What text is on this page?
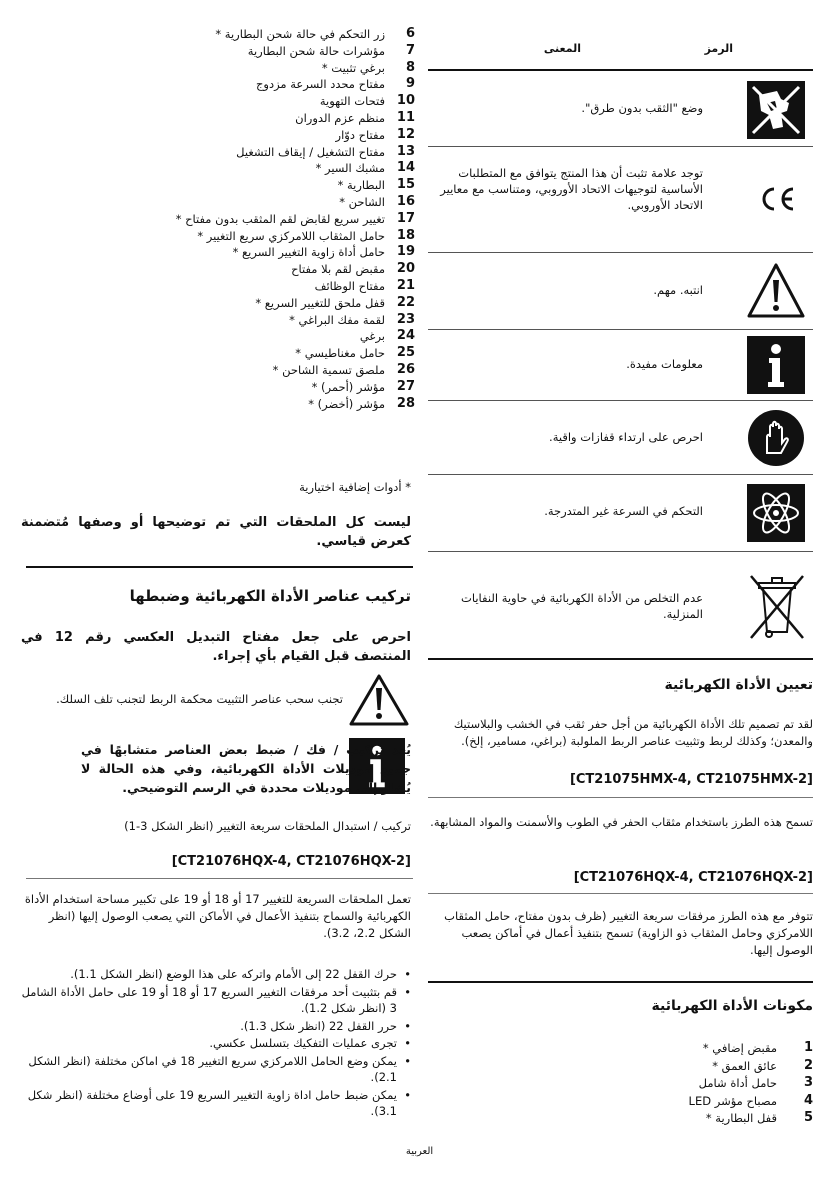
الرمز
المعنى
وضع "الثقب بدون طرق".
توجد علامة تثبت أن هذا المنتج يتوافق مع المتطلبات الأساسية لتوجيهات الاتحاد الأوروبي، ومتناسب مع معايير الاتحاد الأوروبي.
انتبه. مهم.
معلومات مفيدة.
احرص على ارتداء قفازات واقية.
التحكم في السرعة غير المتدرجة.
عدم التخلص من الأداة الكهربائية في حاوية النفايات المنزلية.
تعيين الأداة الكهربائية
لقد تم تصميم تلك الأداة الكهربائية من أجل حفر ثقب في الخشب والبلاستيك والمعدن؛ وكذلك لربط وتثبيت عناصر الربط الملولبة (براغي، مسامير، إلخ).
[CT21075HMX-4, CT21075HMX-2]
تسمح هذه الطرز باستخدام مثقاب الحفر في الطوب والأسمنت والمواد المشابهة.
[CT21076HQX-4, CT21076HQX-2]
تتوفر مع هذه الطرز مرفقات سريعة التغيير (ظرف بدون مفتاح، حامل المثقاب اللامركزي وحامل المثقاب ذو الزاوية) تسمح بتنفيذ أعمال في أماكن يصعب الوصول إليها.
مكونات الأداة الكهربائية
1
مقبض إضافي *
2
عائق العمق *
3
حامل أداة شامل
4
مصباح مؤشر LED
5
قفل البطارية *
6
زر التحكم في حالة شحن البطارية *
7
مؤشرات حالة شحن البطارية
8
برغي تثبيت *
9
مفتاح محدد السرعة مزدوج
10
فتحات التهوية
11
منظم عزم الدوران
12
مفتاح دوّار
13
مفتاح التشغيل / إيقاف التشغيل
14
مشبك السير *
15
البطارية *
16
الشاحن *
17
تغيير سريع لقابض لقم المثقب بدون مفتاح *
18
حامل المثقاب اللامركزي سريع التغيير *
19
حامل أداة زاوية التغيير السريع *
20
مقبض لقم بلا مفتاح
21
مفتاح الوظائف
22
قفل ملحق للتغيير السريع *
23
لقمة مفك البراغي *
24
برغي
25
حامل مغناطيسي *
26
ملصق تسمية الشاحن *
27
مؤشر (أحمر) *
28
مؤشر (أخضر) *
* أدوات إضافية اختيارية
ليست كل الملحقات التي تم توضيحها أو وصفها مُتضمنة كعرض قياسي.
تركيب عناصر الأداة الكهربائية وضبطها
احرص على جعل مفتاح التبديل العكسي رقم 12 في المنتصف قبل القيام بأي إجراء.
تجنب سحب عناصر التثبيت محكمة الربط لتجنب تلف السلك.
يُعد تركيب / فك / ضبط بعض العناصر متشابهًا في جميع موديلات الأداة الكهربائية، وفي هذه الحالة لا يُشار إلى موديلات محددة في الرسم التوضيحي.
تركيب / استبدال الملحقات سريعة التغيير (انظر الشكل 3-1)
[CT21076HQX-4, CT21076HQX-2]
تعمل الملحقات السريعة للتغيير 17 أو 18 أو 19 على تكبير مساحة استخدام الأداة الكهربائية والسماح بتنفيذ الأعمال في الأماكن التي يصعب الوصول إليها (انظر الشكل 2.2، 3.2).
• حرك القفل 22 إلى الأمام واتركه على هذا الوضع (انظر الشكل 1.1).
• قم بتثبيت أحد مرفقات التغيير السريع 17 أو 18 أو 19 على حامل الأداة الشامل 3 (انظر شكل 1.2).
• حرر القفل 22 (انظر شكل 1.3).
• تجرى عمليات التفكيك بتسلسل عكسي.
• يمكن وضع الحامل اللامركزي سريع التغيير 18 في اماكن مختلفة (انظر الشكل 2.1).
• يمكن ضبط حامل اداة زاوية التغيير السريع 19 على أوضاع مختلفة (انظر شكل 3.1).
العربية
